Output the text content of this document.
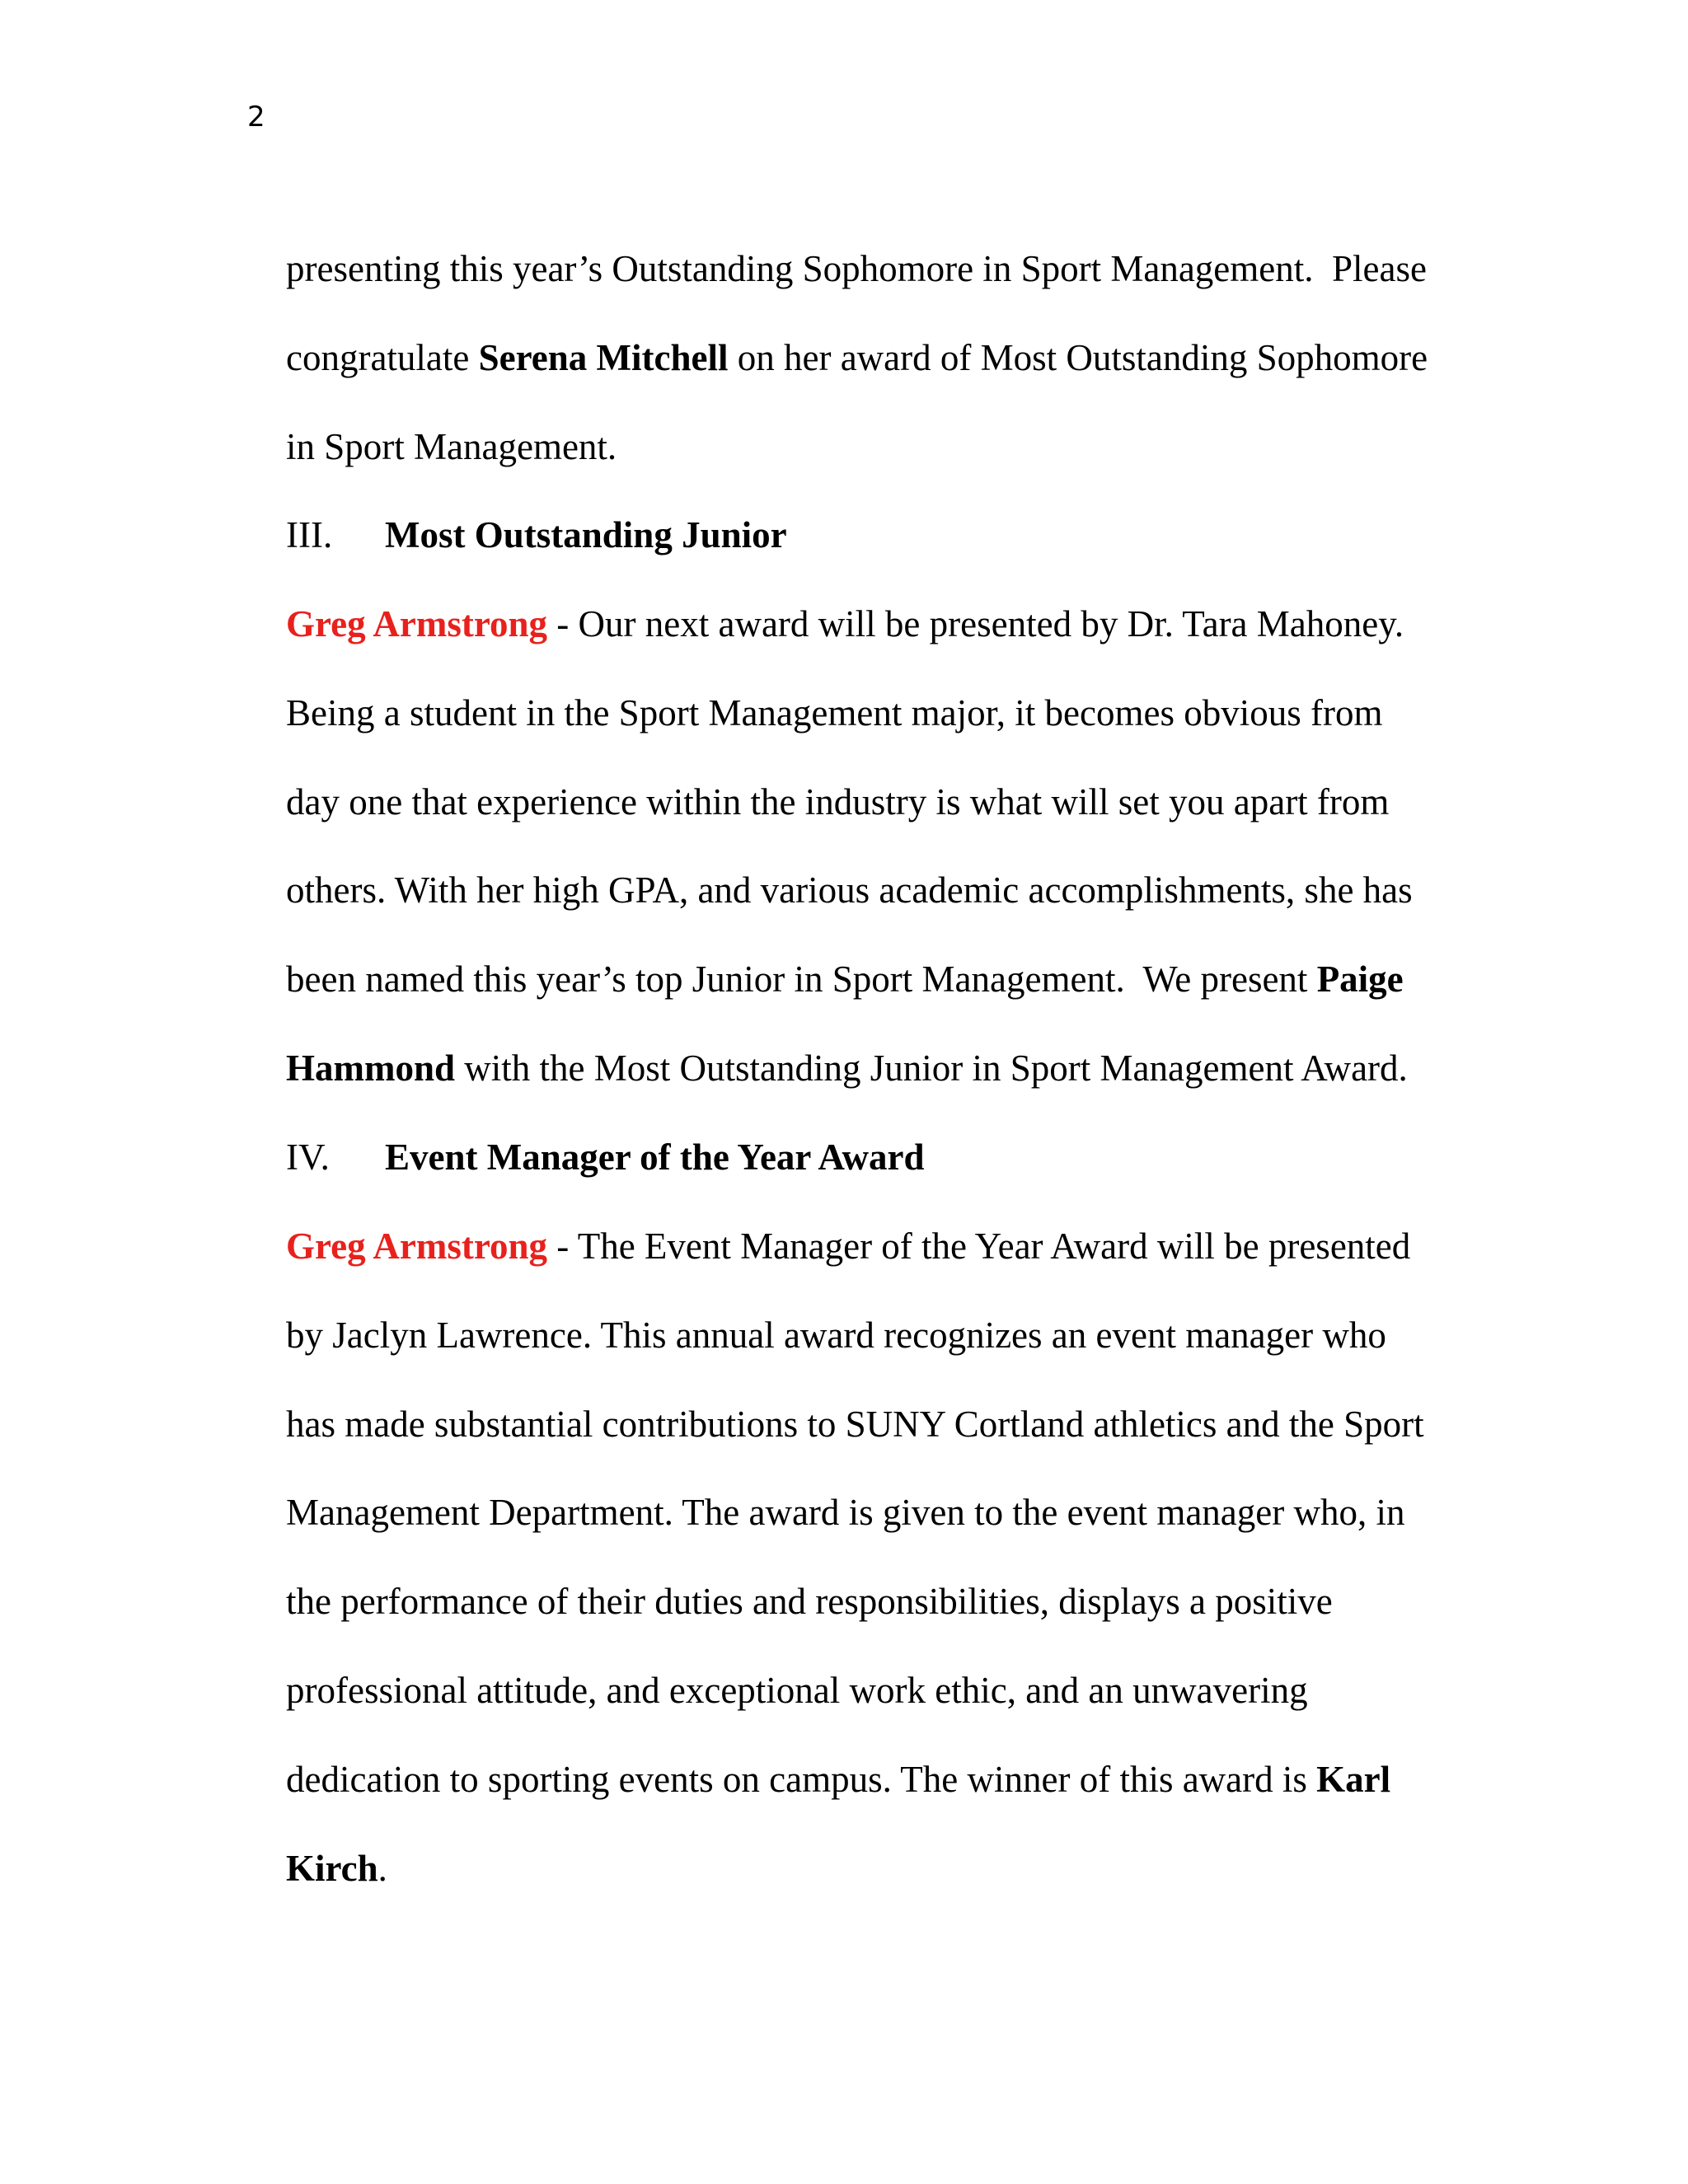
2

presenting this year’s Outstanding Sophomore in Sport Management.  Please

congratulate Serena Mitchell on her award of Most Outstanding Sophomore

in Sport Management.

III. Most Outstanding Junior

Greg Armstrong - Our next award will be presented by Dr. Tara Mahoney.

Being a student in the Sport Management major, it becomes obvious from

day one that experience within the industry is what will set you apart from

others. With her high GPA, and various academic accomplishments, she has

been named this year’s top Junior in Sport Management.  We present Paige

Hammond with the Most Outstanding Junior in Sport Management Award.

IV. Event Manager of the Year Award

Greg Armstrong - The Event Manager of the Year Award will be presented

by Jaclyn Lawrence. This annual award recognizes an event manager who

has made substantial contributions to SUNY Cortland athletics and the Sport

Management Department. The award is given to the event manager who, in

the performance of their duties and responsibilities, displays a positive

professional attitude, and exceptional work ethic, and an unwavering

dedication to sporting events on campus. The winner of this award is Karl

Kirch.
